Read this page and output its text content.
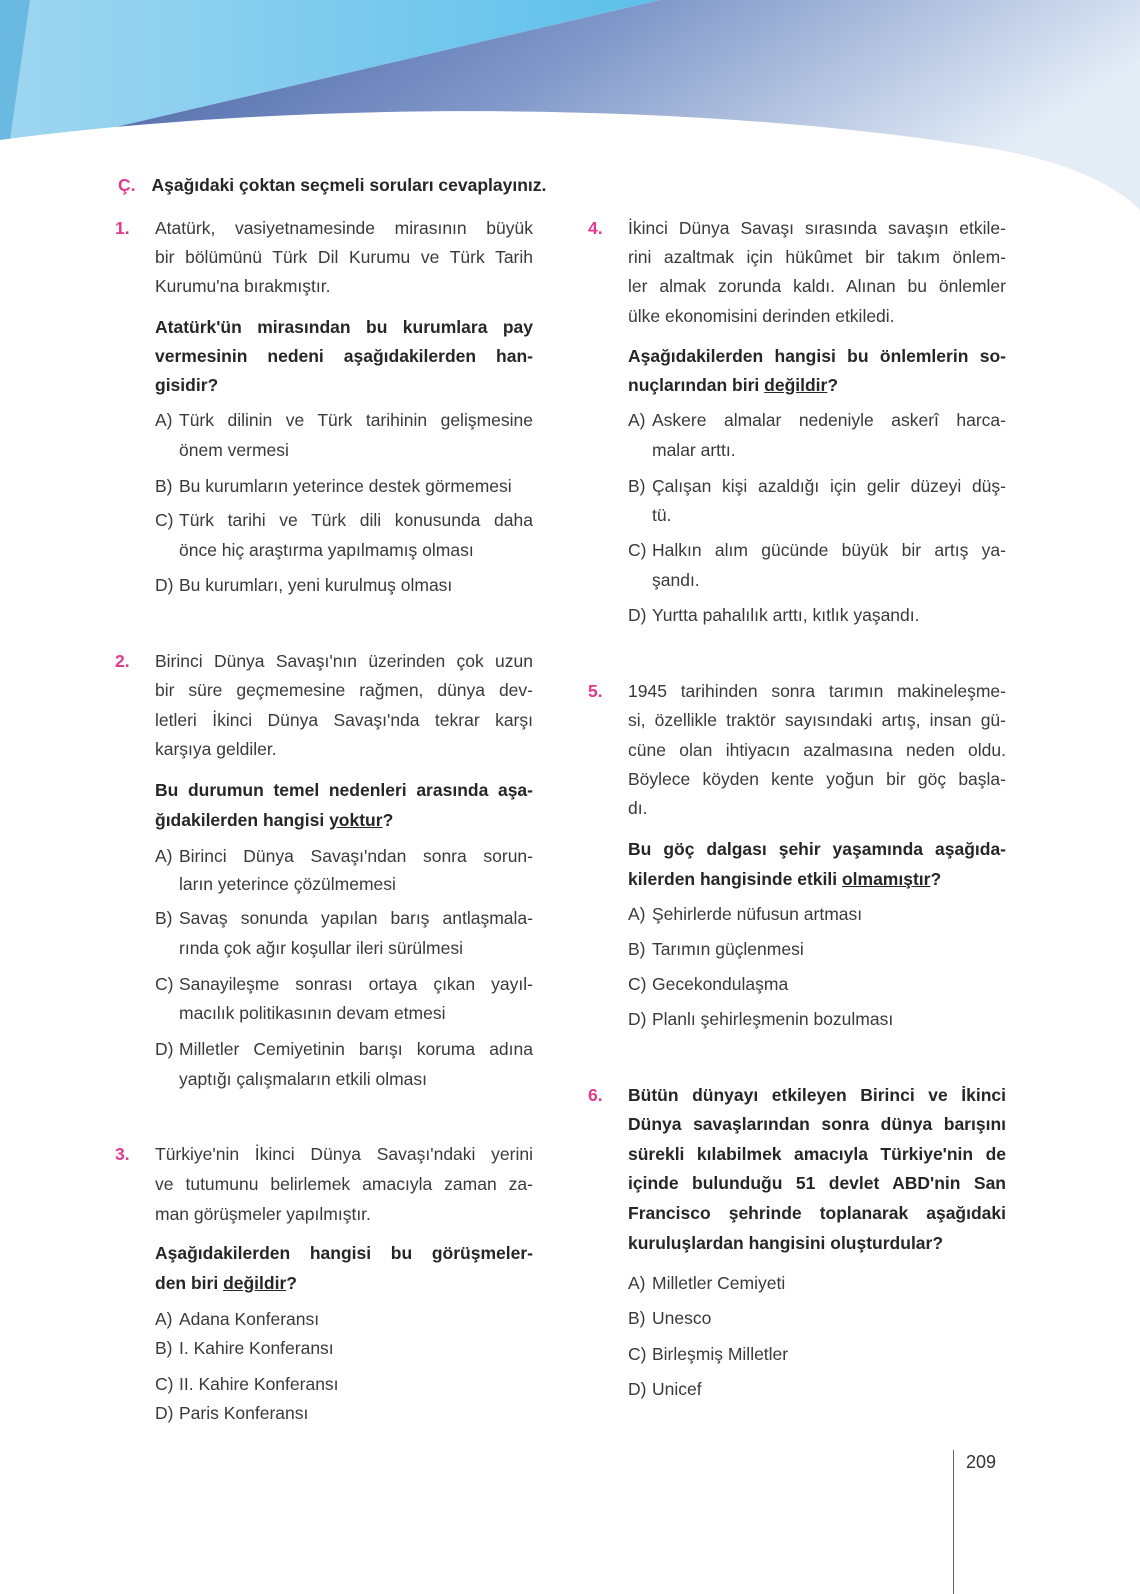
Ç. Aşağıdaki çoktan seçmeli soruları cevaplayınız.
1. Atatürk, vasiyetnamesinde mirasının büyük
bir bölümünü Türk Dil Kurumu ve Türk Tarih
Kurumu'na bırakmıştır.
Atatürk'ün mirasından bu kurumlara pay
vermesinin nedeni aşağıdakilerden han-
gisidir?
A) Türk dilinin ve Türk tarihinin gelişmesine
önem vermesi
B) Bu kurumların yeterince destek görmemesi
C) Türk tarihi ve Türk dili konusunda daha
önce hiç araştırma yapılmamış olması
D) Bu kurumları, yeni kurulmuş olması
2. Birinci Dünya Savaşı'nın üzerinden çok uzun
bir süre geçmemesine rağmen, dünya dev-
letleri İkinci Dünya Savaşı'nda tekrar karşı
karşıya geldiler.
Bu durumun temel nedenleri arasında aşa-
ğıdakilerden hangisi yoktur?
A) Birinci Dünya Savaşı'ndan sonra sorun-
ların yeterince çözülmemesi
B) Savaş sonunda yapılan barış antlaşmala-
rında çok ağır koşullar ileri sürülmesi
C) Sanayileşme sonrası ortaya çıkan yayıl-
macılık politikasının devam etmesi
D) Milletler Cemiyetinin barışı koruma adına
yaptığı çalışmaların etkili olması
3. Türkiye'nin İkinci Dünya Savaşı'ndaki yerini
ve tutumunu belirlemek amacıyla zaman za-
man görüşmeler yapılmıştır.
Aşağıdakilerden hangisi bu görüşmeler-
den biri değildir?
A) Adana Konferansı
B) I. Kahire Konferansı
C) II. Kahire Konferansı
D) Paris Konferansı
4. İkinci Dünya Savaşı sırasında savaşın etkile-
rini azaltmak için hükûmet bir takım önlem-
ler almak zorunda kaldı. Alınan bu önlemler
ülke ekonomisini derinden etkiledi.
Aşağıdakilerden hangisi bu önlemlerin so-
nuçlarından biri değildir?
A) Askere almalar nedeniyle askerî harca-
malar arttı.
B) Çalışan kişi azaldığı için gelir düzeyi düş-
tü.
C) Halkın alım gücünde büyük bir artış ya-
şandı.
D) Yurtta pahalılık arttı, kıtlık yaşandı.
5. 1945 tarihinden sonra tarımın makineleşme-
si, özellikle traktör sayısındaki artış, insan gü-
cüne olan ihtiyacın azalmasına neden oldu.
Böylece köyden kente yoğun bir göç başla-
dı.
Bu göç dalgası şehir yaşamında aşağıda-
kilerden hangisinde etkili olmamıştır?
A) Şehirlerde nüfusun artması
B) Tarımın güçlenmesi
C) Gecekondulaşma
D) Planlı şehirleşmenin bozulması
6. Bütün dünyayı etkileyen Birinci ve İkinci
Dünya savaşlarından sonra dünya barışını
sürekli kılabilmek amacıyla Türkiye'nin de
içinde bulunduğu 51 devlet ABD'nin San
Francisco şehrinde toplanarak aşağıdaki
kuruluşlardan hangisini oluşturdular?
A) Milletler Cemiyeti
B) Unesco
C) Birleşmiş Milletler
D) Unicef
209
